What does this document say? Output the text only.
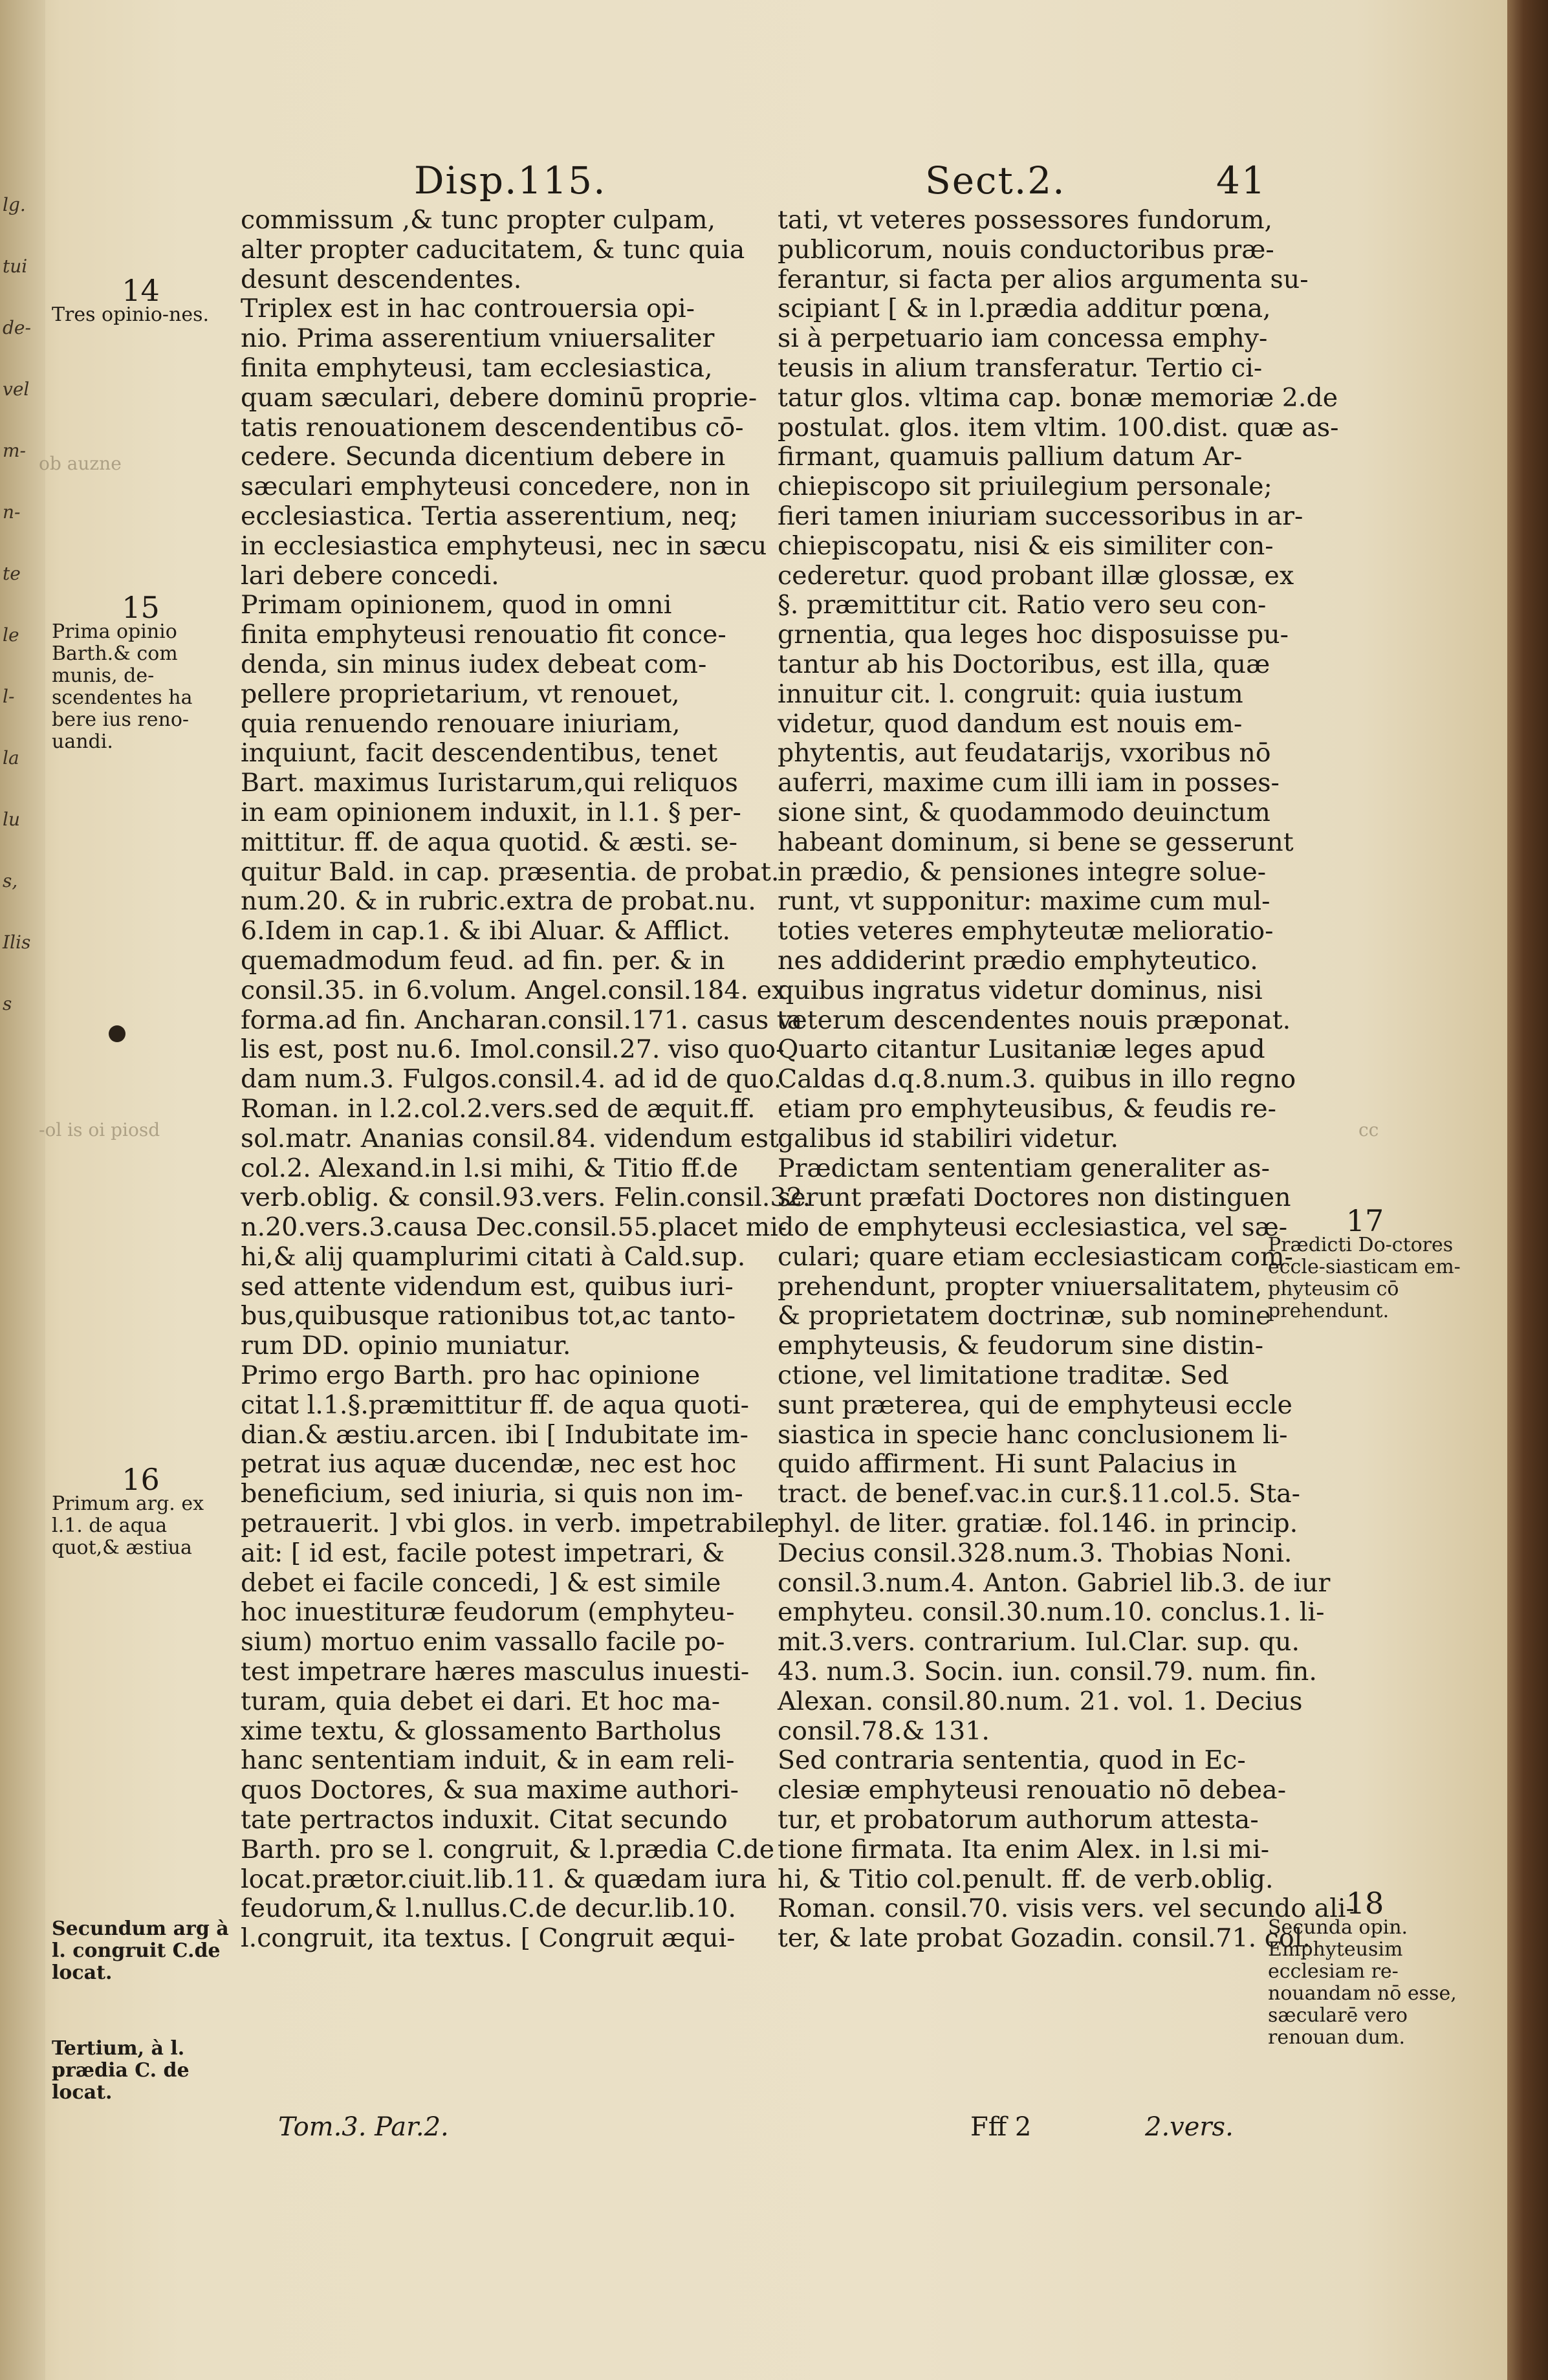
lg.
tui
de-
vel
m-
n-
te
le
l-
la
lu
s,
Ilis
s
Disp.115.	Sect.2.	41
ob auzne
-ol is oi piosd	cc
commissum ,& tunc propter culpam,
alter propter caducitatem, & tunc quia
desunt descendentes.
Triplex est in hac controuersia opi-
nio. Prima asserentium vniuersaliter
finita emphyteusi, tam ecclesiastica,
quam sæculari, debere dominū proprie-
tatis renouationem descendentibus cō-
cedere. Secunda dicentium debere in
sæculari emphyteusi concedere, non in
ecclesiastica. Tertia asserentium, neq;
in ecclesiastica emphyteusi, nec in sæcu
lari debere concedi.
Primam opinionem, quod in omni
finita emphyteusi renouatio fit conce-
denda, sin minus iudex debeat com-
pellere proprietarium, vt renouet,
quia renuendo renouare iniuriam,
inquiunt, facit descendentibus, tenet
Bart. maximus Iuristarum,qui reliquos
in eam opinionem induxit, in l.1. § per-
mittitur. ff. de aqua quotid. & æsti. se-
quitur Bald. in cap. præsentia. de probat.
num.20. & in rubric.extra de probat.nu.
6.Idem in cap.1. & ibi Aluar. & Afflict.
quemadmodum feud. ad fin. per. & in
consil.35. in 6.volum. Angel.consil.184. ex
forma.ad fin. Ancharan.consil.171. casus ta
lis est, post nu.6. Imol.consil.27. viso quo-
dam num.3. Fulgos.consil.4. ad id de quo.
Roman. in l.2.col.2.vers.sed de æquit.ff.
sol.matr. Ananias consil.84. videndum est
col.2. Alexand.in l.si mihi, & Titio ff.de
verb.oblig. & consil.93.vers. Felin.consil.32.
n.20.vers.3.causa Dec.consil.55.placet mi-
hi,& alij quamplurimi citati à Cald.sup.
sed attente videndum est, quibus iuri-
bus,quibusque rationibus tot,ac tanto-
rum DD. opinio muniatur.
Primo ergo Barth. pro hac opinione
citat l.1.§.præmittitur ff. de aqua quoti-
dian.& æstiu.arcen. ibi [ Indubitate im-
petrat ius aquæ ducendæ, nec est hoc
beneficium, sed iniuria, si quis non im-
petrauerit. ] vbi glos. in verb. impetrabile
ait: [ id est, facile potest impetrari, &
debet ei facile concedi, ] & est simile
hoc inuestituræ feudorum (emphyteu-
sium) mortuo enim vassallo facile po-
test impetrare hæres masculus inuesti-
turam, quia debet ei dari. Et hoc ma-
xime textu, & glossamento Bartholus
hanc sententiam induit, & in eam reli-
quos Doctores, & sua maxime authori-
tate pertractos induxit. Citat secundo
Barth. pro se l. congruit, & l.prædia C.de
locat.prætor.ciuit.lib.11. & quædam iura
feudorum,& l.nullus.C.de decur.lib.10.
l.congruit, ita textus. [ Congruit æqui-
tati, vt veteres possessores fundorum,
publicorum, nouis conductoribus præ-
ferantur, si facta per alios argumenta su-
scipiant [ & in l.prædia additur pœna,
si à perpetuario iam concessa emphy-
teusis in alium transferatur. Tertio ci-
tatur glos. vltima cap. bonæ memoriæ 2.de
postulat. glos. item vltim. 100.dist. quæ as-
firmant, quamuis pallium datum Ar-
chiepiscopo sit priuilegium personale;
fieri tamen iniuriam successoribus in ar-
chiepiscopatu, nisi & eis similiter con-
cederetur. quod probant illæ glossæ, ex
§. præmittitur cit. Ratio vero seu con-
grnentia, qua leges hoc disposuisse pu-
tantur ab his Doctoribus, est illa, quæ
innuitur cit. l. congruit: quia iustum
videtur, quod dandum est nouis em-
phytentis, aut feudatarijs, vxoribus nō
auferri, maxime cum illi iam in posses-
sione sint, & quodammodo deuinctum
habeant dominum, si bene se gesserunt
in prædio, & pensiones integre solue-
runt, vt supponitur: maxime cum mul-
toties veteres emphyteutæ melioratio-
nes addiderint prædio emphyteutico.
quibus ingratus videtur dominus, nisi
veterum descendentes nouis præponat.
Quarto citantur Lusitaniæ leges apud
Caldas d.q.8.num.3. quibus in illo regno
etiam pro emphyteusibus, & feudis re-
galibus id stabiliri videtur.
Prædictam sententiam generaliter as-
serunt præfati Doctores non distinguen
do de emphyteusi ecclesiastica, vel sæ-
culari; quare etiam ecclesiasticam com-
prehendunt, propter vniuersalitatem,
& proprietatem doctrinæ, sub nomine
emphyteusis, & feudorum sine distin-
ctione, vel limitatione traditæ. Sed
sunt præterea, qui de emphyteusi eccle
siastica in specie hanc conclusionem li-
quido affirment. Hi sunt Palacius in
tract. de benef.vac.in cur.§.11.col.5. Sta-
phyl. de liter. gratiæ. fol.146. in princip.
Decius consil.328.num.3. Thobias Noni.
consil.3.num.4. Anton. Gabriel lib.3. de iur
emphyteu. consil.30.num.10. conclus.1. li-
mit.3.vers. contrarium. Iul.Clar. sup. qu.
43. num.3. Socin. iun. consil.79. num. fin.
Alexan. consil.80.num. 21. vol. 1. Decius
consil.78.& 131.
Sed contraria sententia, quod in Ec-
clesiæ emphyteusi renouatio nō debea-
tur, et probatorum authorum attesta-
tione firmata. Ita enim Alex. in l.si mi-
hi, & Titio col.penult. ff. de verb.oblig.
Roman. consil.70. visis vers. vel secundo ali-
ter, & late probat Gozadin. consil.71. col.
14
Tres opinio-nes.
15
Prima opinio Barth.& com munis, de-scendentes ha bere ius reno-uandi.
16
Primum arg. ex l.1. de aqua quot,& æstiua
Secundum arg à l. congruit C.de locat.
Tertium, à l. prædia C. de locat.
17
Prædicti Do-ctores eccle-siasticam em-phyteusim cō prehendunt.
18
Secunda opin. Emphyteusim ecclesiam re-nouandam nō esse, sæcularē vero renouan dum.
Tom.3. Par.2.	Fff 2	2.vers.
